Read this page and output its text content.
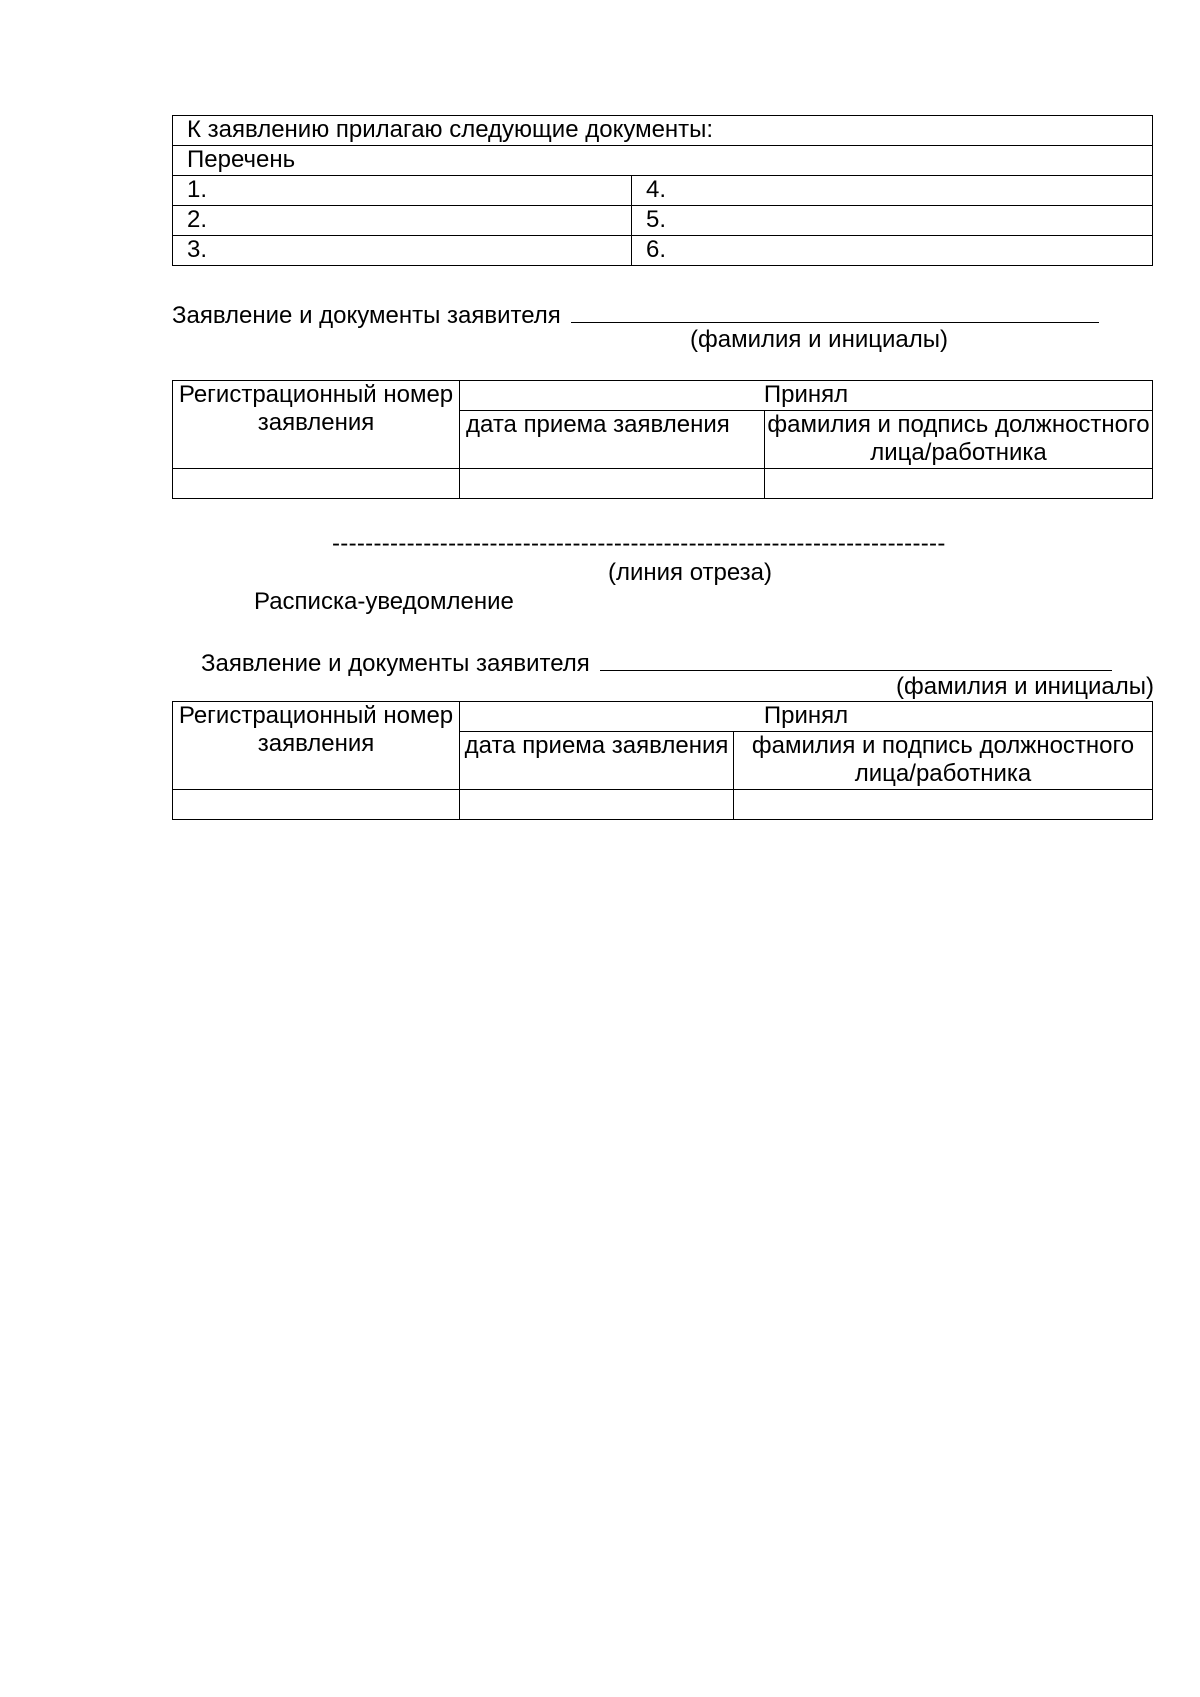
К заявлению прилагаю следующие документы:	
Перечень	
1.	4.
2.	5.
3.	6.
Заявление и документы заявителя
(фамилия и инициалы)
Регистрационный номер заявления	Принял	
	дата приема заявления	фамилия и подпись должностного лица/работника

--------------------------------------------------------------------------
(линия отреза)
Расписка-уведомление
Заявление и документы заявителя
(фамилия и инициалы)
Регистрационный номер заявления	Принял	
	дата приема заявления	фамилия и подпись должностного лица/работника
